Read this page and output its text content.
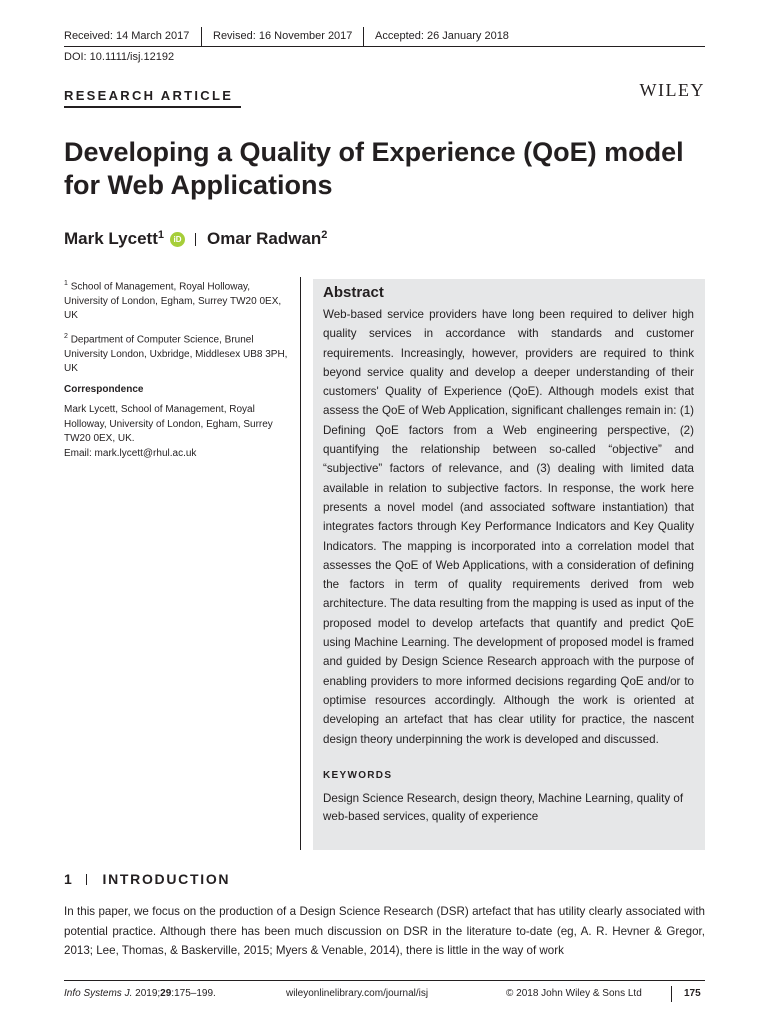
Received: 14 March 2017 Revised: 16 November 2017 Accepted: 26 January 2018
DOI: 10.1111/isj.12192
RESEARCH ARTICLE	WILEY
Developing a Quality of Experience (QoE) model for Web Applications
Mark Lycett$^1$	iD Omar Radwan$^2$

$^1$ School of Management, Royal Holloway, University of London, Egham, Surrey TW20 0EX, UK

$^2$ Department of Computer Science, Brunel University London, Uxbridge, Middlesex UB8 3PH, UK

Correspondence

Mark Lycett, School of Management, Royal Holloway, University of London, Egham, Surrey TW20 0EX, UK.

Email: mark.lycett@rhul.ac.uk

Abstract

Web-based service providers have long been required to deliver high quality services in accordance with standards and customer requirements. Increasingly, however, providers are required to think beyond service quality and develop a deeper understanding of their customers' Quality of Experience (QoE). Although models exist that assess the QoE of Web Application, significant challenges remain in: (1) Defining QoE factors from a Web engineering perspective, (2) quantifying the relationship between so-called “objective” and “subjective” factors of relevance, and (3) dealing with limited data available in relation to subjective factors. In response, the work here presents a novel model (and associated software instantiation) that integrates factors through Key Performance Indicators and Key Quality Indicators. The mapping is incorporated into a correlation model that assesses the QoE of Web Applications, with a consideration of defining the factors in term of quality requirements derived from web architecture. The data resulting from the mapping is used as input of the proposed model to develop artefacts that quantify and predict QoE using Machine Learning. The development of proposed model is framed and guided by Design Science Research approach with the purpose of enabling providers to more informed decisions regarding QoE and/or to optimise resources accordingly. Although the work is oriented at developing an artefact that has clear utility for practice, the nascent design theory underpinning the work is developed and discussed.

KEYWORDS

Design Science Research, design theory, Machine Learning, quality of web-based services, quality of experience

1 INTRODUCTION

In this paper, we focus on the production of a Design Science Research (DSR) artefact that has utility clearly associated with potential practice. Although there has been much discussion on DSR in the literature to-date (eg, A. R. Hevner & Gregor, 2013; Lee, Thomas, & Baskerville, 2015; Myers & Venable, 2014), there is little in the way of work

Info Systems J. 2019;29:175–199.	wileyonlinelibrary.com/journal/isj	© 2018 John Wiley & Sons Ltd	175
